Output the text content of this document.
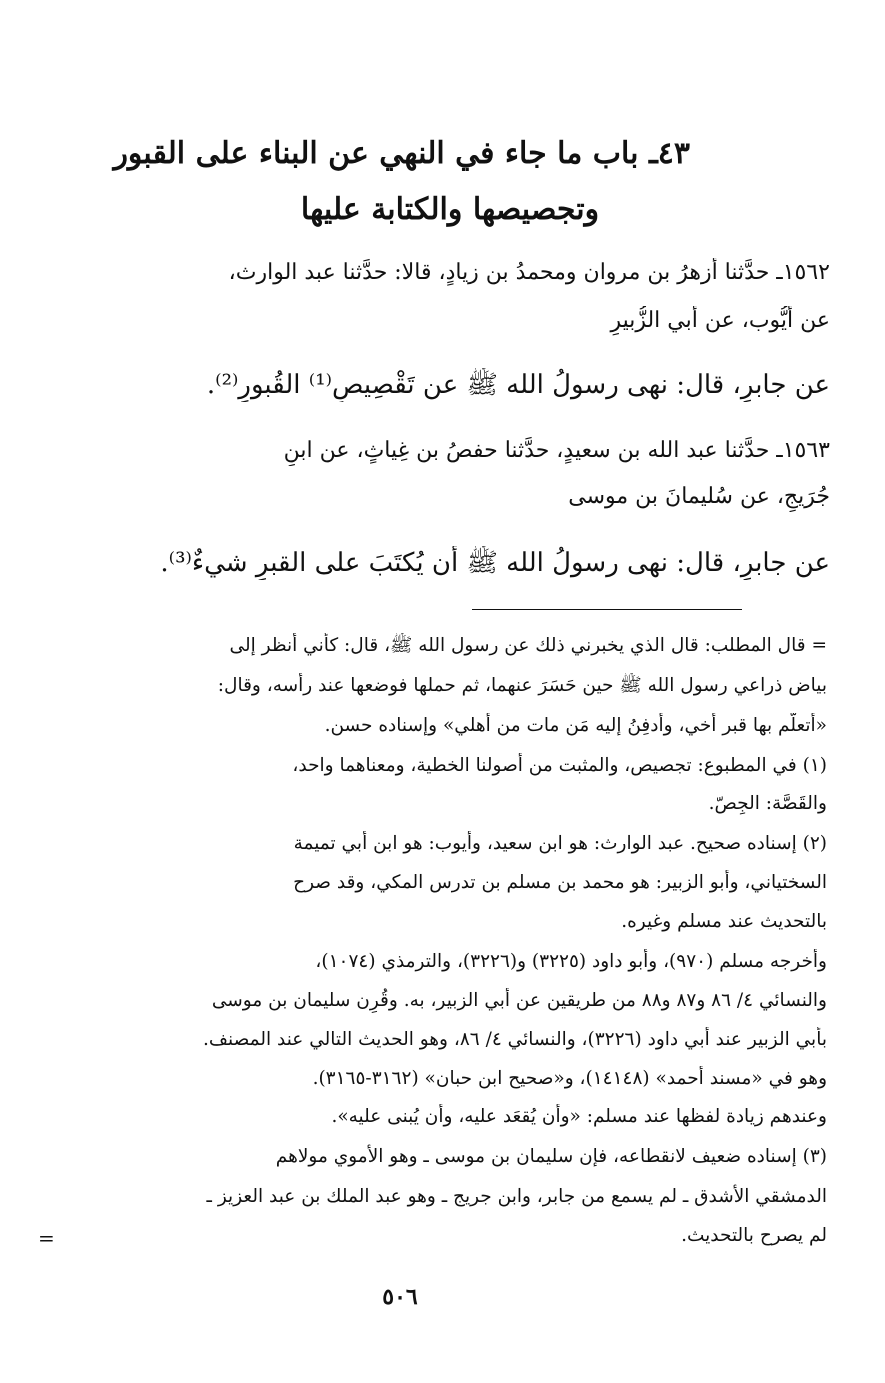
٤٣ـ باب ما جاء في النهي عن البناء على القبور
وتجصيصها والكتابة عليها
١٥٦٢ـ حدَّثنا أزهرُ بن مروان ومحمدُ بن زيادٍ، قالا: حدَّثنا عبد الوارث،
عن أيُّوب، عن أبي الزُّبيرِ
عن جابرٍ، قال: نهى رسولُ الله ﷺ عن تَقْصِيصِ⁽¹⁾ القُبورِ⁽²⁾.
١٥٦٣ـ حدَّثنا عبد الله بن سعيدٍ، حدَّثنا حفصُ بن غِياثٍ، عن ابنِ
جُرَيجٍ، عن سُليمانَ بن موسى
عن جابرٍ، قال: نهى رسولُ الله ﷺ أن يُكتَبَ على القبرِ شيءٌ⁽³⁾.
= قال المطلب: قال الذي يخبرني ذلك عن رسول الله ﷺ، قال: كأني أنظر إلى
بياض ذراعي رسول الله ﷺ حين حَسَرَ عنهما، ثم حملها فوضعها عند رأسه، وقال:
«أتعلَّم بها قبر أخي، وأَدفِنُ إليه مَن مات من أهلي» وإسناده حسن.
(١) في المطبوع: تجصيص، والمثبت من أصولنا الخطية، ومعناهما واحد،
والقَصَّة: الجِصّ.
(٢) إسناده صحيح. عبد الوارث: هو ابن سعيد، وأيوب: هو ابن أبي تميمة
السختياني، وأبو الزبير: هو محمد بن مسلم بن تدرس المكي، وقد صرح
بالتحديث عند مسلم وغيره.
وأخرجه مسلم (٩٧٠)، وأبو داود (٣٢٢٥) و(٣٢٢٦)، والترمذي (١٠٧٤)،
والنسائي ٤/ ٨٦ و٨٧ و٨٨ من طريقين عن أبي الزبير، به. وقُرِن سليمان بن موسى
بأبي الزبير عند أبي داود (٣٢٢٦)، والنسائي ٤/ ٨٦، وهو الحديث التالي عند المصنف.
وهو في «مسند أحمد» (١٤١٤٨)، و«صحيح ابن حبان» (٣١٦٢-٣١٦٥).
وعندهم زيادة لفظها عند مسلم: «وأن يُقعَد عليه، وأن يُبنى عليه».
(٣) إسناده ضعيف لانقطاعه، فإن سليمان بن موسى ـ وهو الأموي مولاهم
الدمشقي الأشدق ـ لم يسمع من جابر، وابن جريج ـ وهو عبد الملك بن عبد العزيز ـ
لم يصرح بالتحديث.
=
٥٠٦
